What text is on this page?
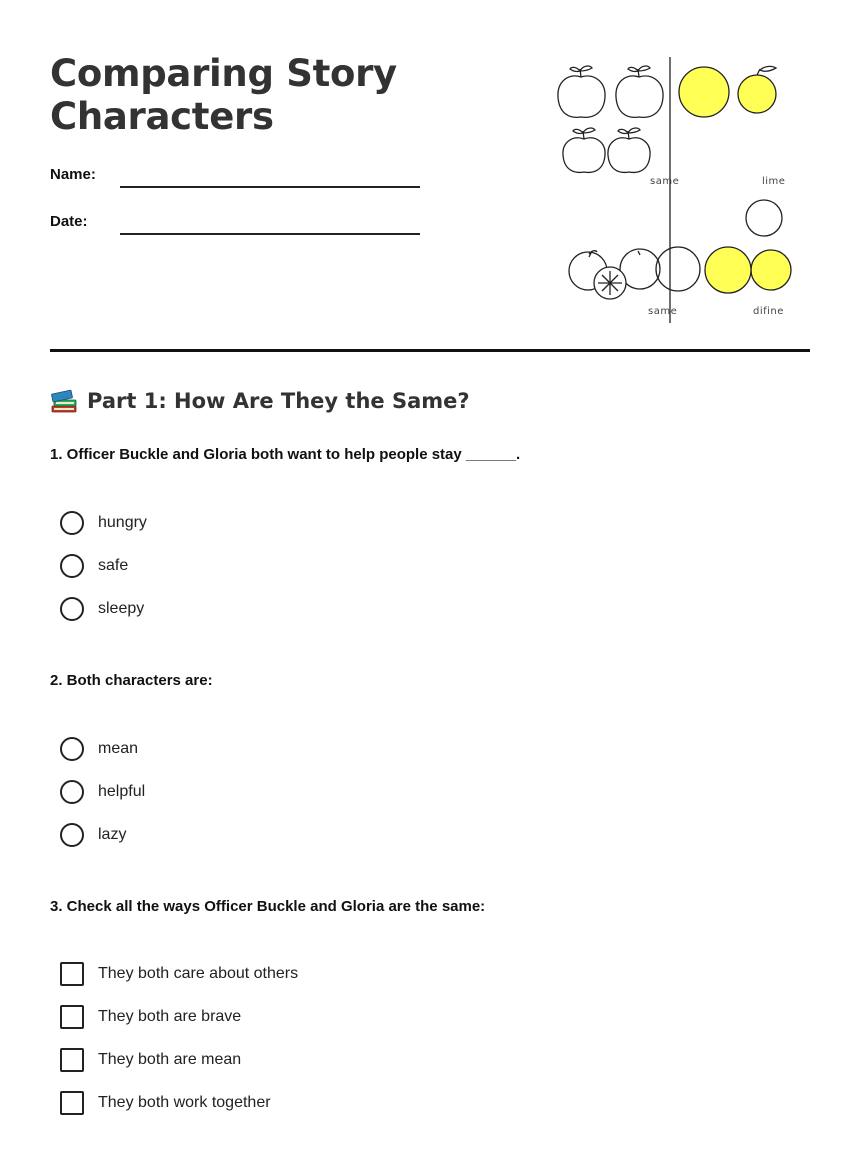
Comparing Story
Characters
Name:
Date:
same	lime
same	difine
Part 1: How Are They the Same?
1. Officer Buckle and Gloria both want to help people stay ______.
hungry
safe
sleepy
2. Both characters are:
mean
helpful
lazy
3. Check all the ways Officer Buckle and Gloria are the same:
They both care about others
They both are brave
They both are mean
They both work together
